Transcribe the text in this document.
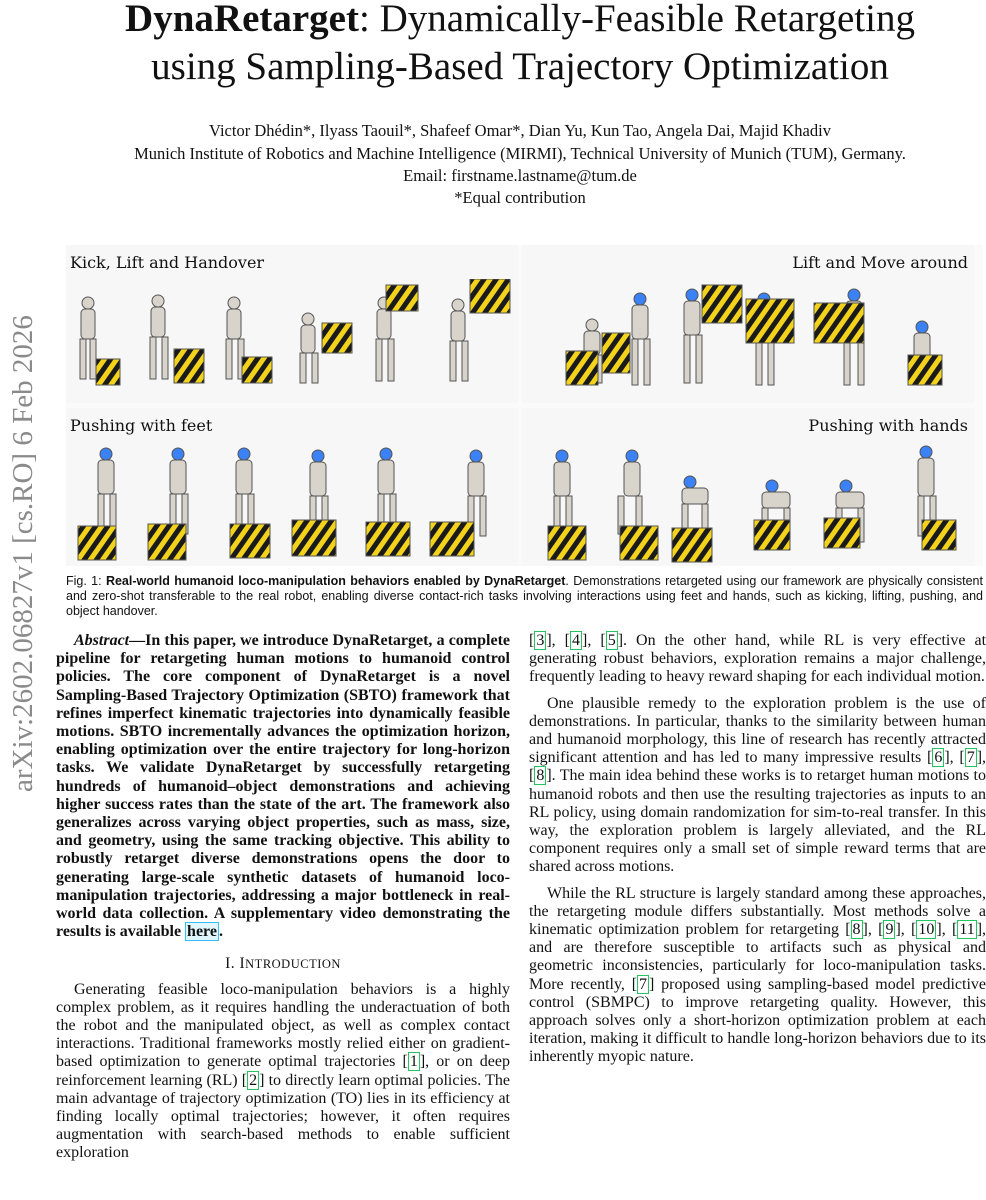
arXiv:2602.06827v1 [cs.RO] 6 Feb 2026
DynaRetarget: Dynamically-Feasible Retargeting
using Sampling-Based Trajectory Optimization
Victor Dhédin*, Ilyass Taouil*, Shafeef Omar*, Dian Yu, Kun Tao, Angela Dai, Majid Khadiv
Munich Institute of Robotics and Machine Intelligence (MIRMI), Technical University of Munich (TUM), Germany.
Email: firstname.lastname@tum.de
*Equal contribution
Kick, Lift and Handover	Lift and Move around
Pushing with feet	Pushing with hands
Fig. 1: Real-world humanoid loco-manipulation behaviors enabled by DynaRetarget. Demonstrations retargeted using our framework are physically consistent and zero-shot transferable to the real robot, enabling diverse contact-rich tasks involving interactions using feet and hands, such as kicking, lifting, pushing, and object handover.

Abstract—In this paper, we introduce DynaRetarget, a complete pipeline for retargeting human motions to humanoid control policies. The core component of DynaRetarget is a novel Sampling-Based Trajectory Optimization (SBTO) framework that refines imperfect kinematic trajectories into dynamically feasible motions. SBTO incrementally advances the optimization horizon, enabling optimization over the entire trajectory for long-horizon tasks. We validate DynaRetarget by successfully retargeting hundreds of humanoid–object demonstrations and achieving higher success rates than the state of the art. The framework also generalizes across varying object properties, such as mass, size, and geometry, using the same tracking objective. This ability to robustly retarget diverse demonstrations opens the door to generating large-scale synthetic datasets of humanoid loco-manipulation trajectories, addressing a major bottleneck in real-world data collection. A supplementary video demonstrating the results is available here .

I. INTRODUCTION

Generating feasible loco-manipulation behaviors is a highly complex problem, as it requires handling the underactuation of both the robot and the manipulated object, as well as complex contact interactions. Traditional frameworks mostly relied either on gradient-based optimization to generate optimal trajectories [ 1 ], or on deep reinforcement learning (RL) [ 2 ] to directly learn optimal policies. The main advantage of trajectory optimization (TO) lies in its efficiency at finding locally optimal trajectories; however, it often requires augmentation with search-based methods to enable sufficient exploration

[ 3 ], [ 4 ], [ 5 ]. On the other hand, while RL is very effective at generating robust behaviors, exploration remains a major challenge, frequently leading to heavy reward shaping for each individual motion.

One plausible remedy to the exploration problem is the use of demonstrations. In particular, thanks to the similarity between human and humanoid morphology, this line of research has recently attracted significant attention and has led to many impressive results [ 6 ], [ 7 ], [ 8 ]. The main idea behind these works is to retarget human motions to humanoid robots and then use the resulting trajectories as inputs to an RL policy, using domain randomization for sim-to-real transfer. In this way, the exploration problem is largely alleviated, and the RL component requires only a small set of simple reward terms that are shared across motions.

While the RL structure is largely standard among these approaches, the retargeting module differs substantially. Most methods solve a kinematic optimization problem for retargeting [ 8 ], [ 9 ], [ 10 ], [ 11 ], and are therefore susceptible to artifacts such as physical and geometric inconsistencies, particularly for loco-manipulation tasks. More recently, [ 7 ] proposed using sampling-based model predictive control (SBMPC) to improve retargeting quality. However, this approach solves only a short-horizon optimization problem at each iteration, making it difficult to handle long-horizon behaviors due to its inherently myopic nature.
